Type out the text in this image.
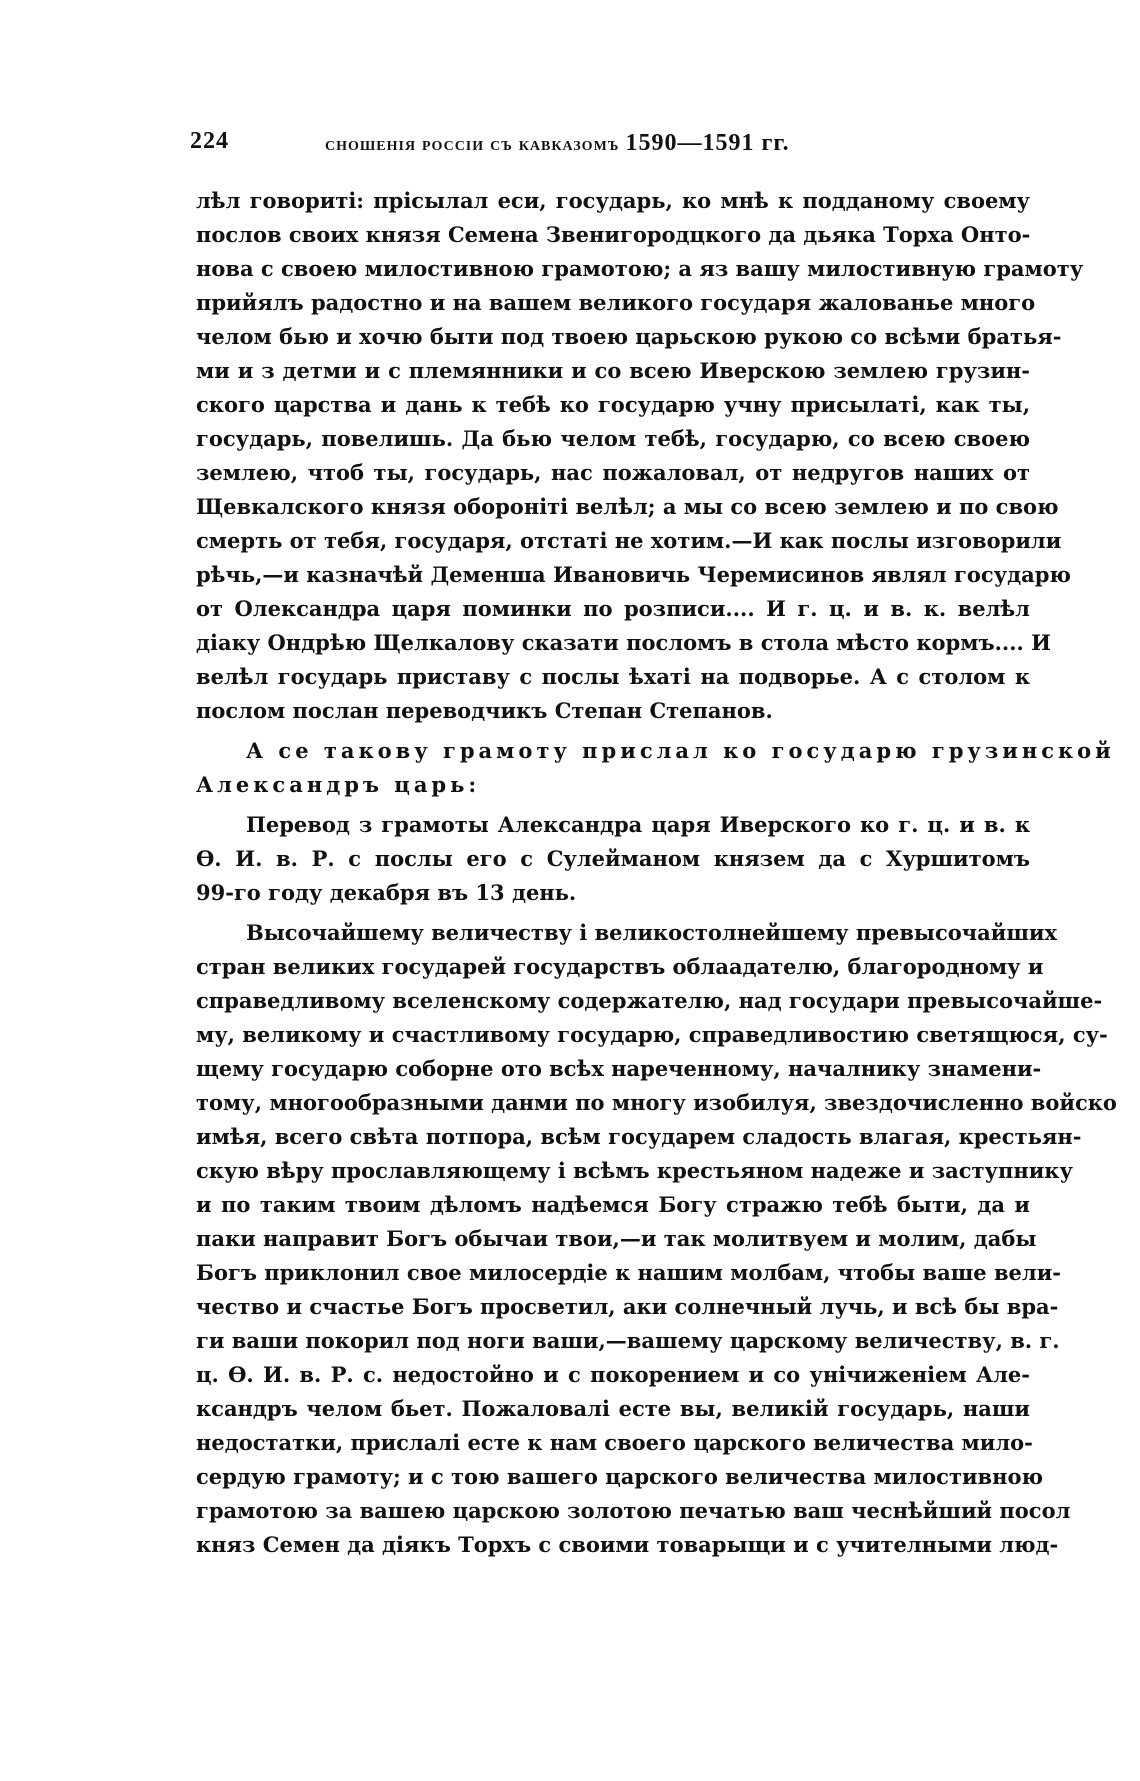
224	сношенія россіи съ кавказомъ 1590—1591 гг.
лѣл говориті: прісылал еси, государь, ко мнѣ к подданому своему
послов своих князя Семена Звенигородцкого да дьяка Торха Онто-
нова с своею милостивною грамотою; а яз вашу милостивную грамоту
прийялъ радостно и на вашем великого государя жалованье много
челом бью и хочю быти под твоею царьскою рукою со всѣми братья-
ми и з детми и с племянники и со всею Иверскою землею грузин-
ского царства и дань к тебѣ ко государю учну присылаті, как ты,
государь, повелишь. Да бью челом тебѣ, государю, со всею своею
землею, чтоб ты, государь, нас пожаловал, от недругов наших от
Щевкалского князя обороніті велѣл; а мы со всею землею и по свою
смерть от тебя, государя, отстаті не хотим.—И как послы изговорили
рѣчь,—и казначѣй Деменша Ивановичь Черемисинов являл государю
от Олександра царя поминки по розписи.... И г. ц. и в. к. велѣл
діаку Ондрѣю Щелкалову сказати посломъ в стола мѣсто кормъ.... И
велѣл государь приставу с послы ѣхаті на подворье. А с столом к
послом послан переводчикъ Степан Степанов.
А се такову грамоту прислал ко государю грузинской
Александръ царь:
Перевод з грамоты Александра царя Иверского ко г. ц. и в. к
Ѳ. И. в. Р. с послы его с Сулейманом князем да с Хуршитомъ
99-го году декабря въ 13 день.
Высочайшему величеству і великостолнейшему превысочайших
стран великих государей государствъ облаадателю, благородному и
справедливому вселенскому содержателю, над государи превысочайше-
му, великому и счастливому государю, справедливостию светящюся, су-
щему государю соборне ото всѣх нареченному, началнику знамени-
тому, многообразными данми по многу изобилуя, звездочисленно войско
имѣя, всего свѣта потпора, всѣм государем сладость влагая, крестьян-
скую вѣру прославляющему і всѣмъ крестьяном надеже и заступнику
и по таким твоим дѣломъ надѣемся Богу стражю тебѣ быти, да и
паки направит Богъ обычаи твои,—и так молитвуем и молим, дабы
Богъ приклонил свое милосердіе к нашим молбам, чтобы ваше вели-
чество и счастье Богъ просветил, аки солнечный лучь, и всѣ бы вра-
ги ваши покорил под ноги ваши,—вашему царскому величеству, в. г.
ц. Ѳ. И. в. Р. с. недостойно и с покорением и со унічиженіем Але-
ксандръ челом бьет. Пожаловалі есте вы, великій государь, наши
недостатки, прислалі есте к нам своего царского величества мило-
сердую грамоту; и с тою вашего царского величества милостивною
грамотою за вашею царскою золотою печатью ваш чеснѣйший посол
княз Семен да діякъ Торхъ с своими товарыщи и с учителными люд-
